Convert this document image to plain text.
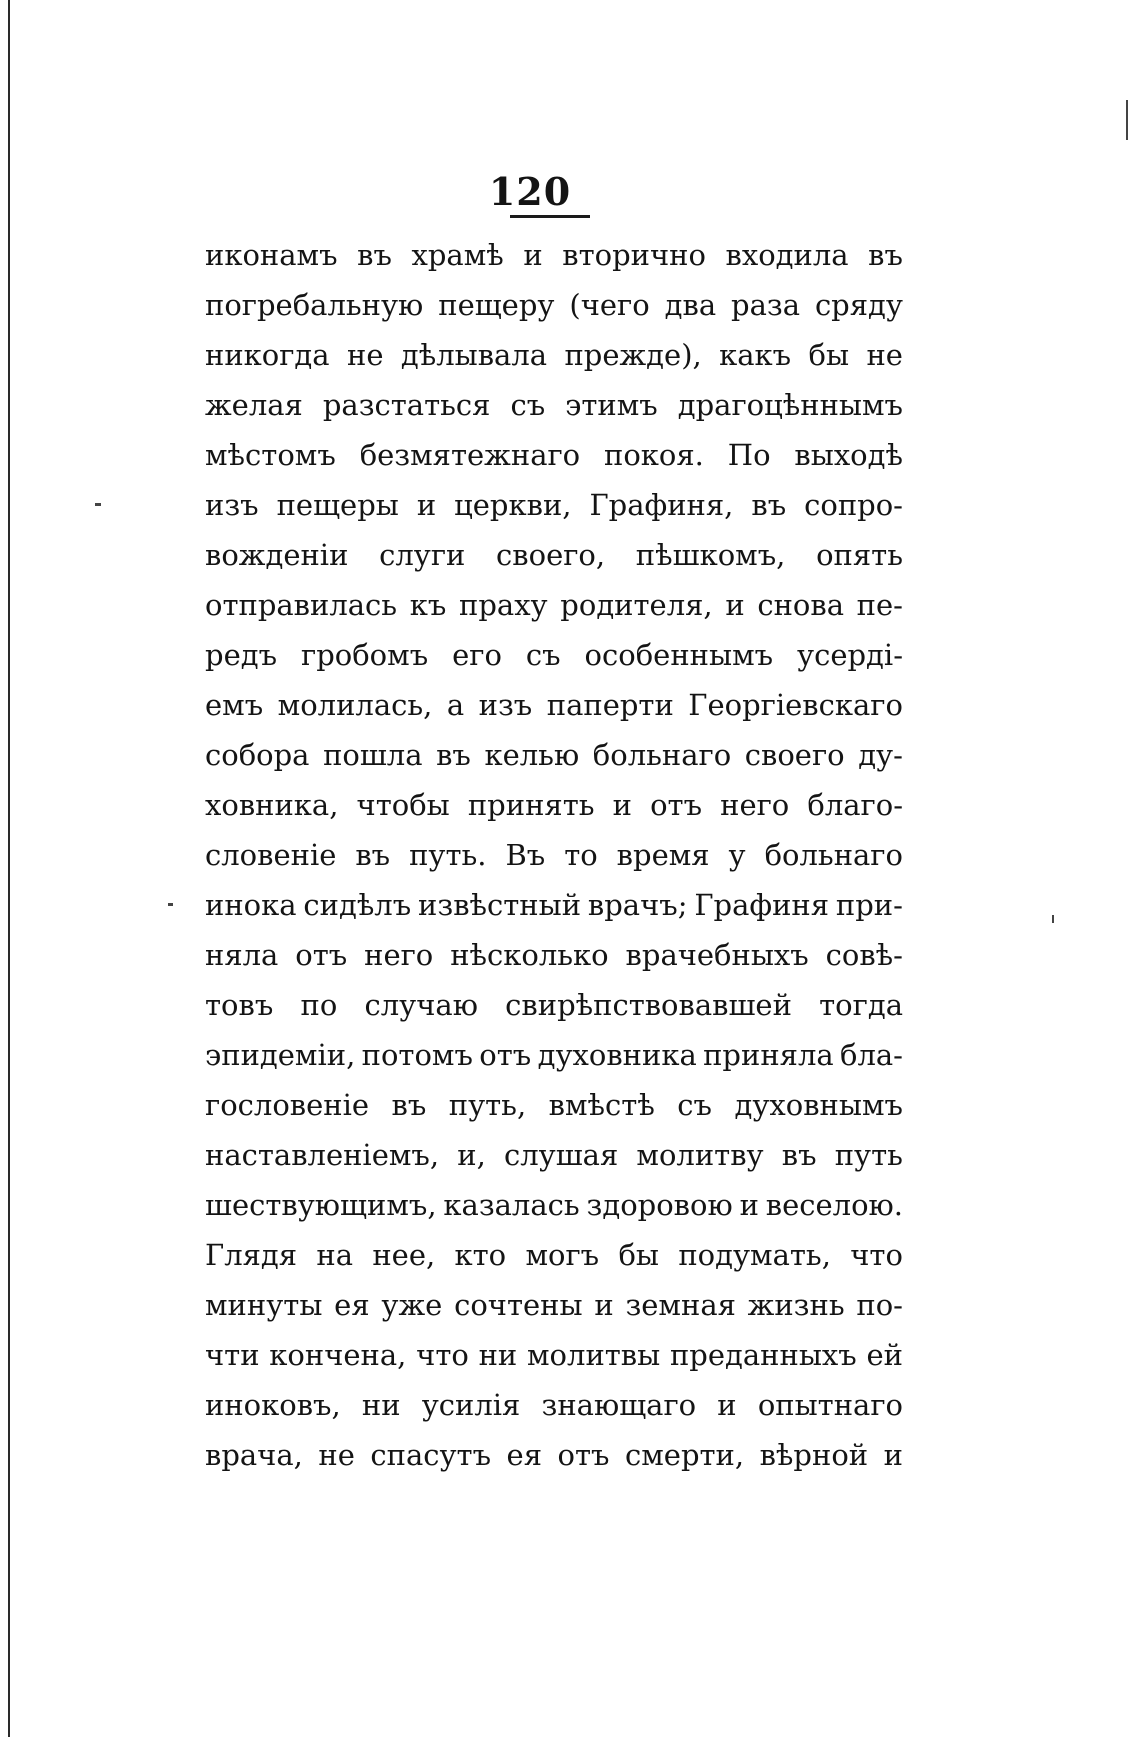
120
иконамъ въ храмѣ и вторично входила въ
погребальную пещеру (чего два раза сряду
никогда не дѣлывала прежде), какъ бы не
желая разстаться съ этимъ драгоцѣннымъ
мѣстомъ безмятежнаго покоя. По выходѣ
изъ пещеры и церкви, Графиня, въ сопро-
вожденіи слуги своего, пѣшкомъ, опять
отправилась къ праху родителя, и снова пе-
редъ гробомъ его съ особеннымъ усердi-
емъ молилась, а изъ паперти Георгiевскаго
собора пошла въ келью больнаго своего ду-
ховника, чтобы принять и отъ него благо-
словеніе въ путь. Въ то время у больнаго
инока сидѣлъ извѣстный врачъ; Графиня при-
няла отъ него нѣсколько врачебныхъ совѣ-
товъ по случаю свирѣпствовавшей тогда
эпидеміи, потомъ отъ духовника приняла бла-
гословеніе въ путь, вмѣстѣ съ духовнымъ
наставленіемъ, и, слушая молитву въ путь
шествующимъ, казалась здоровою и веселою.
Глядя на нее, кто могъ бы подумать, что
минуты ея уже сочтены и земная жизнь по-
чти кончена, что ни молитвы преданныхъ ей
иноковъ, ни усилія знающаго и опытнаго
врача, не спасутъ ея отъ смерти, вѣрной и
